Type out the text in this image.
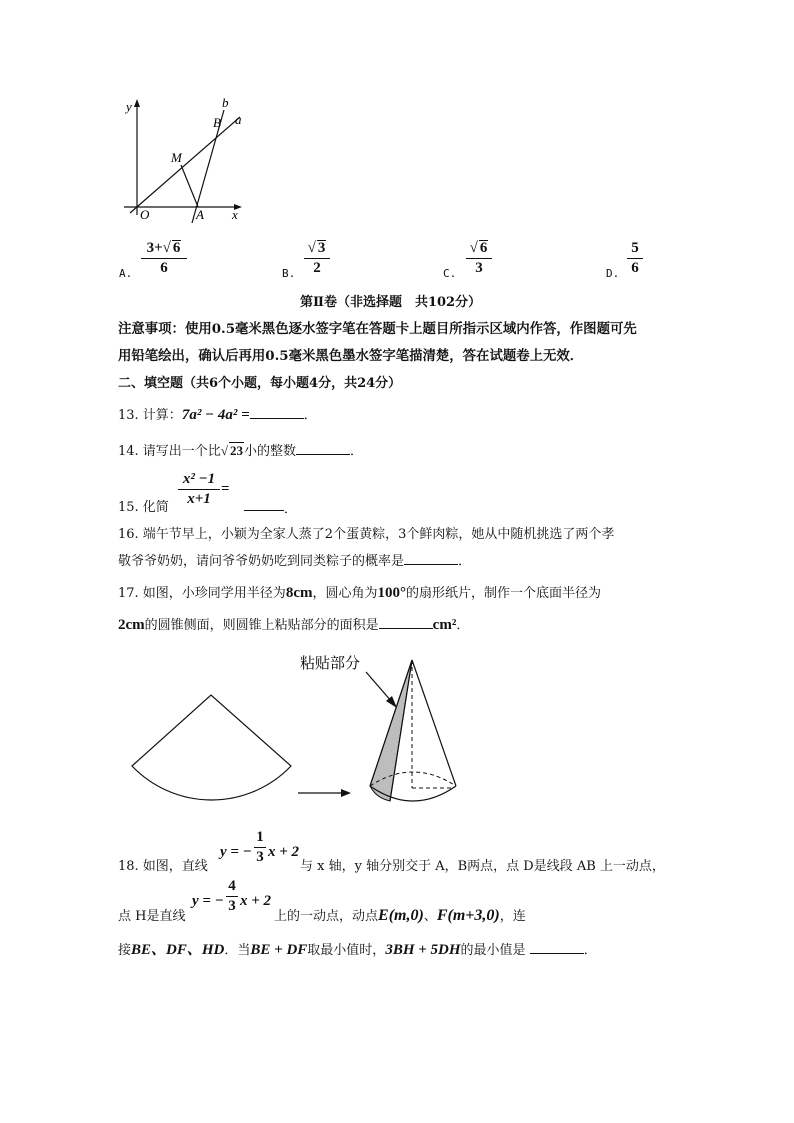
y	b
a
B
M
O	A x
A.
3+√ 6
6	B.
√ 3
2	C.
√ 6
3	D.
5
6
第Ⅱ卷（非选择题　共102分）
注意事项：使用0.5毫米黑色逐水签字笔在答题卡上题目所指示区域内作答，作图题可先
用铅笔绘出，确认后再用0.5毫米黑色墨水签字笔描清楚，答在试题卷上无效．
二、填空题（共6个小题，每小题4分，共24分）
13. 计算：7a² − 4a² =	．
14. 请写出一个比√ 23小的整数	．
15. 化简
x² −1
x+1
=
．
16. 端午节早上，小颖为全家人蒸了2个蛋黄粽，3个鲜肉粽，她从中随机挑选了两个孝
敬爷爷奶奶，请问爷爷奶奶吃到同类粽子的概率是	．
17. 如图，小珍同学用半径为8cm，圆心角为100°的扇形纸片，制作一个底面半径为
2cm的圆锥侧面，则圆锥上粘贴部分的面积是	cm²．
粘贴部分
18. 如图，直线
y = −
1
3 x + 2
与 x 轴，y 轴分别交于 A，B两点，点 D是线段 AB 上一动点，
点 H是直线
y = −
4
3 x + 2
上的一动点，动点E(m,0)、F(m+3,0)，连
接BE、DF、HD．当BE + DF取最小值时，3BH + 5DH的最小值是	．
